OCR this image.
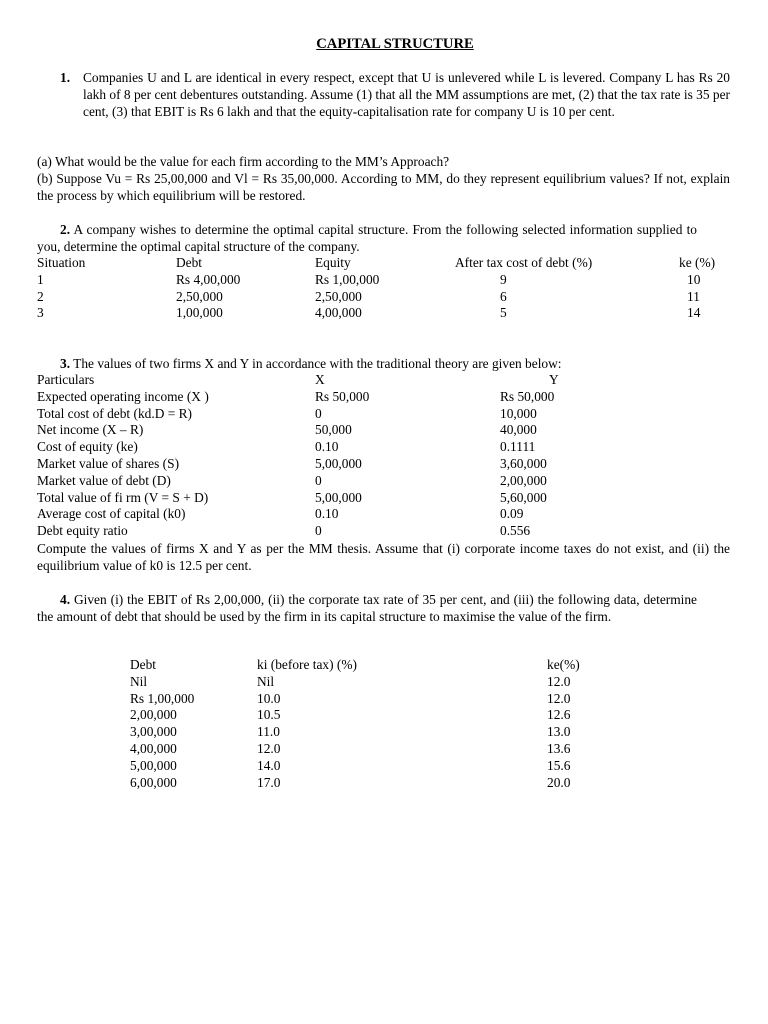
CAPITAL STRUCTURE
1. Companies U and L are identical in every respect, except that U is unlevered while L is levered. Company L has Rs 20 lakh of 8 per cent debentures outstanding. Assume (1) that all the MM assumptions are met, (2) that the tax rate is 35 per cent, (3) that EBIT is Rs 6 lakh and that the equity-capitalisation rate for company U is 10 per cent.
(a) What would be the value for each firm according to the MM’s Approach?
(b) Suppose Vu = Rs 25,00,000 and Vl = Rs 35,00,000. According to MM, do they represent equilibrium values? If not, explain the process by which equilibrium will be restored.
2. A company wishes to determine the optimal capital structure. From the following selected information supplied to you, determine the optimal capital structure of the company.
Situation	Debt	Equity	After tax cost of debt (%)	ke (%)
1	Rs 4,00,000	Rs 1,00,000	9	10
2	2,50,000	2,50,000	6	11
3	1,00,000	4,00,000	5	14
3. The values of two firms X and Y in accordance with the traditional theory are given below:
Particulars	X	Y
Expected operating income (X )	Rs 50,000	Rs 50,000
Total cost of debt (kd.D = R)	0	10,000
Net income (X – R)	50,000	40,000
Cost of equity (ke)	0.10	0.1111
Market value of shares (S)	5,00,000	3,60,000
Market value of debt (D)	0	2,00,000
Total value of fi rm (V = S + D)	5,00,000	5,60,000
Average cost of capital (k0)	0.10	0.09
Debt equity ratio	0	0.556
Compute the values of firms X and Y as per the MM thesis. Assume that (i) corporate income taxes do not exist, and (ii) the equilibrium value of k0 is 12.5 per cent.
4. Given (i) the EBIT of Rs 2,00,000, (ii) the corporate tax rate of 35 per cent, and (iii) the following data, determine the amount of debt that should be used by the firm in its capital structure to maximise the value of the firm.
Debt	ki (before tax) (%)	ke(%)
Nil	Nil	12.0
Rs 1,00,000	10.0	12.0
2,00,000	10.5	12.6
3,00,000	11.0	13.0
4,00,000	12.0	13.6
5,00,000	14.0	15.6
6,00,000	17.0	20.0
